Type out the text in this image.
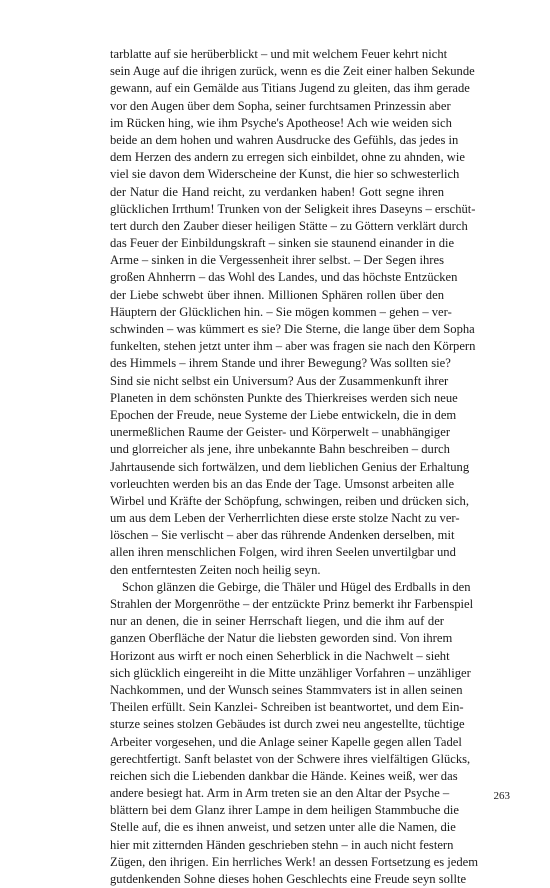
tarblatte auf sie herüberblickt – und mit welchem Feuer kehrt nicht
sein Auge auf die ihrigen zurück, wenn es die Zeit einer halben Sekunde
gewann, auf ein Gemälde aus Titians Jugend zu gleiten, das ihm gerade
vor den Augen über dem Sopha, seiner furchtsamen Prinzessin aber
im Rücken hing, wie ihm Psyche's Apotheose! Ach wie weiden sich
beide an dem hohen und wahren Ausdrucke des Gefühls, das jedes in
dem Herzen des andern zu erregen sich einbildet, ohne zu ahnden, wie
viel sie davon dem Widerscheine der Kunst, die hier so schwesterlich
der Natur die Hand reicht, zu verdanken haben! Gott segne ihren
glücklichen Irrthum! Trunken von der Seligkeit ihres Daseyns – erschüt-
tert durch den Zauber dieser heiligen Stätte – zu Göttern verklärt durch
das Feuer der Einbildungskraft – sinken sie staunend einander in die
Arme – sinken in die Vergessenheit ihrer selbst. – Der Segen ihres
großen Ahnherrn – das Wohl des Landes, und das höchste Entzücken
der Liebe schwebt über ihnen. Millionen Sphären rollen über den
Häuptern der Glücklichen hin. – Sie mögen kommen – gehen – ver-
schwinden – was kümmert es sie? Die Sterne, die lange über dem Sopha
funkelten, stehen jetzt unter ihm – aber was fragen sie nach den Körpern
des Himmels – ihrem Stande und ihrer Bewegung? Was sollten sie?
Sind sie nicht selbst ein Universum? Aus der Zusammenkunft ihrer
Planeten in dem schönsten Punkte des Thierkreises werden sich neue
Epochen der Freude, neue Systeme der Liebe entwickeln, die in dem
unermeßlichen Raume der Geister- und Körperwelt – unabhängiger
und glorreicher als jene, ihre unbekannte Bahn beschreiben – durch
Jahrtausende sich fortwälzen, und dem lieblichen Genius der Erhaltung
vorleuchten werden bis an das Ende der Tage. Umsonst arbeiten alle
Wirbel und Kräfte der Schöpfung, schwingen, reiben und drücken sich,
um aus dem Leben der Verherrlichten diese erste stolze Nacht zu ver-
löschen – Sie verlischt – aber das rührende Andenken derselben, mit
allen ihren menschlichen Folgen, wird ihren Seelen unvertilgbar und
den entferntesten Zeiten noch heilig seyn.
Schon glänzen die Gebirge, die Thäler und Hügel des Erdballs in den
Strahlen der Morgenröthe – der entzückte Prinz bemerkt ihr Farbenspiel
nur an denen, die in seiner Herrschaft liegen, und die ihm auf der
ganzen Oberfläche der Natur die liebsten geworden sind. Von ihrem
Horizont aus wirft er noch einen Seherblick in die Nachwelt – sieht
sich glücklich eingereiht in die Mitte unzähliger Vorfahren – unzähliger
Nachkommen, und der Wunsch seines Stammvaters ist in allen seinen
Theilen erfüllt. Sein Kanzlei- Schreiben ist beantwortet, und dem Ein-
sturze seines stolzen Gebäudes ist durch zwei neu angestellte, tüchtige
Arbeiter vorgesehen, und die Anlage seiner Kapelle gegen allen Tadel
gerechtfertigt. Sanft belastet von der Schwere ihres vielfältigen Glücks,
reichen sich die Liebenden dankbar die Hände. Keines weiß, wer das
andere besiegt hat. Arm in Arm treten sie an den Altar der Psyche –
blättern bei dem Glanz ihrer Lampe in dem heiligen Stammbuche die
Stelle auf, die es ihnen anweist, und setzen unter alle die Namen, die
hier mit zitternden Händen geschrieben stehn – in auch nicht festern
Zügen, den ihrigen. Ein herrliches Werk! an dessen Fortsetzung es jedem
gutdenkenden Sohne dieses hohen Geschlechts eine Freude seyn sollte
263
